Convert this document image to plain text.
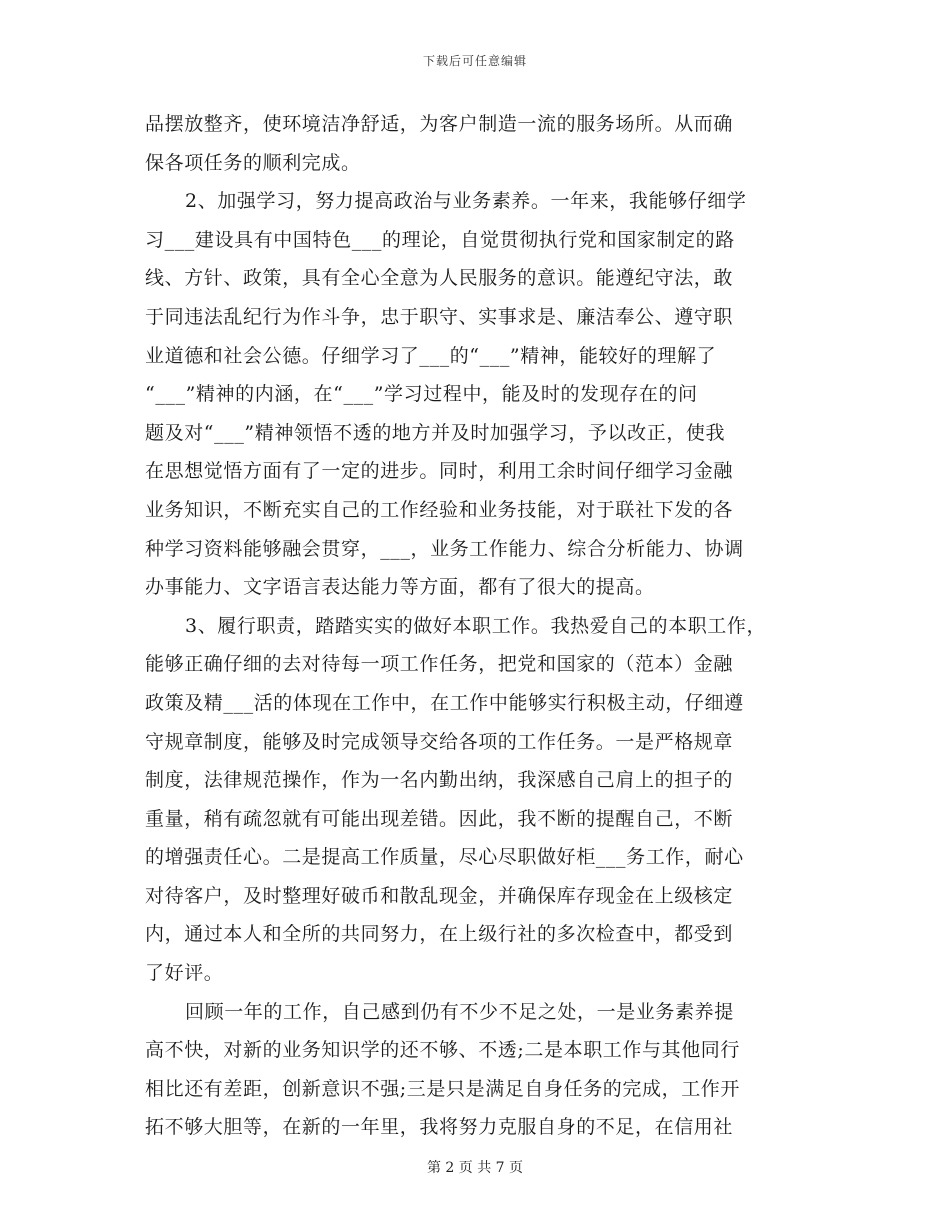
下载后可任意编辑
品摆放整齐，使环境洁净舒适，为客户制造一流的服务场所。从而确
保各项任务的顺利完成。
2、加强学习，努力提高政治与业务素养。一年来，我能够仔细学
习___建设具有中国特色___的理论，自觉贯彻执行党和国家制定的路
线、方针、政策，具有全心全意为人民服务的意识。能遵纪守法，敢
于同违法乱纪行为作斗争，忠于职守、实事求是、廉洁奉公、遵守职
业道德和社会公德。仔细学习了___的“___”精神，能较好的理解了
“___”精神的内涵，在“___”学习过程中，能及时的发现存在的问
题及对“___”精神领悟不透的地方并及时加强学习，予以改正，使我
在思想觉悟方面有了一定的进步。同时，利用工余时间仔细学习金融
业务知识，不断充实自己的工作经验和业务技能，对于联社下发的各
种学习资料能够融会贯穿，___，业务工作能力、综合分析能力、协调
办事能力、文字语言表达能力等方面，都有了很大的提高。
3、履行职责，踏踏实实的做好本职工作。我热爱自己的本职工作，
能够正确仔细的去对待每一项工作任务，把党和国家的（范本）金融
政策及精___活的体现在工作中，在工作中能够实行积极主动，仔细遵
守规章制度，能够及时完成领导交给各项的工作任务。一是严格规章
制度，法律规范操作，作为一名内勤出纳，我深感自己肩上的担子的
重量，稍有疏忽就有可能出现差错。因此，我不断的提醒自己，不断
的增强责任心。二是提高工作质量，尽心尽职做好柜___务工作，耐心
对待客户，及时整理好破币和散乱现金，并确保库存现金在上级核定
内，通过本人和全所的共同努力，在上级行社的多次检查中，都受到
了好评。
回顾一年的工作，自己感到仍有不少不足之处，一是业务素养提
高不快，对新的业务知识学的还不够、不透;二是本职工作与其他同行
相比还有差距，创新意识不强;三是只是满足自身任务的完成，工作开
拓不够大胆等，在新的一年里，我将努力克服自身的不足，在信用社
第 2 页 共 7 页
